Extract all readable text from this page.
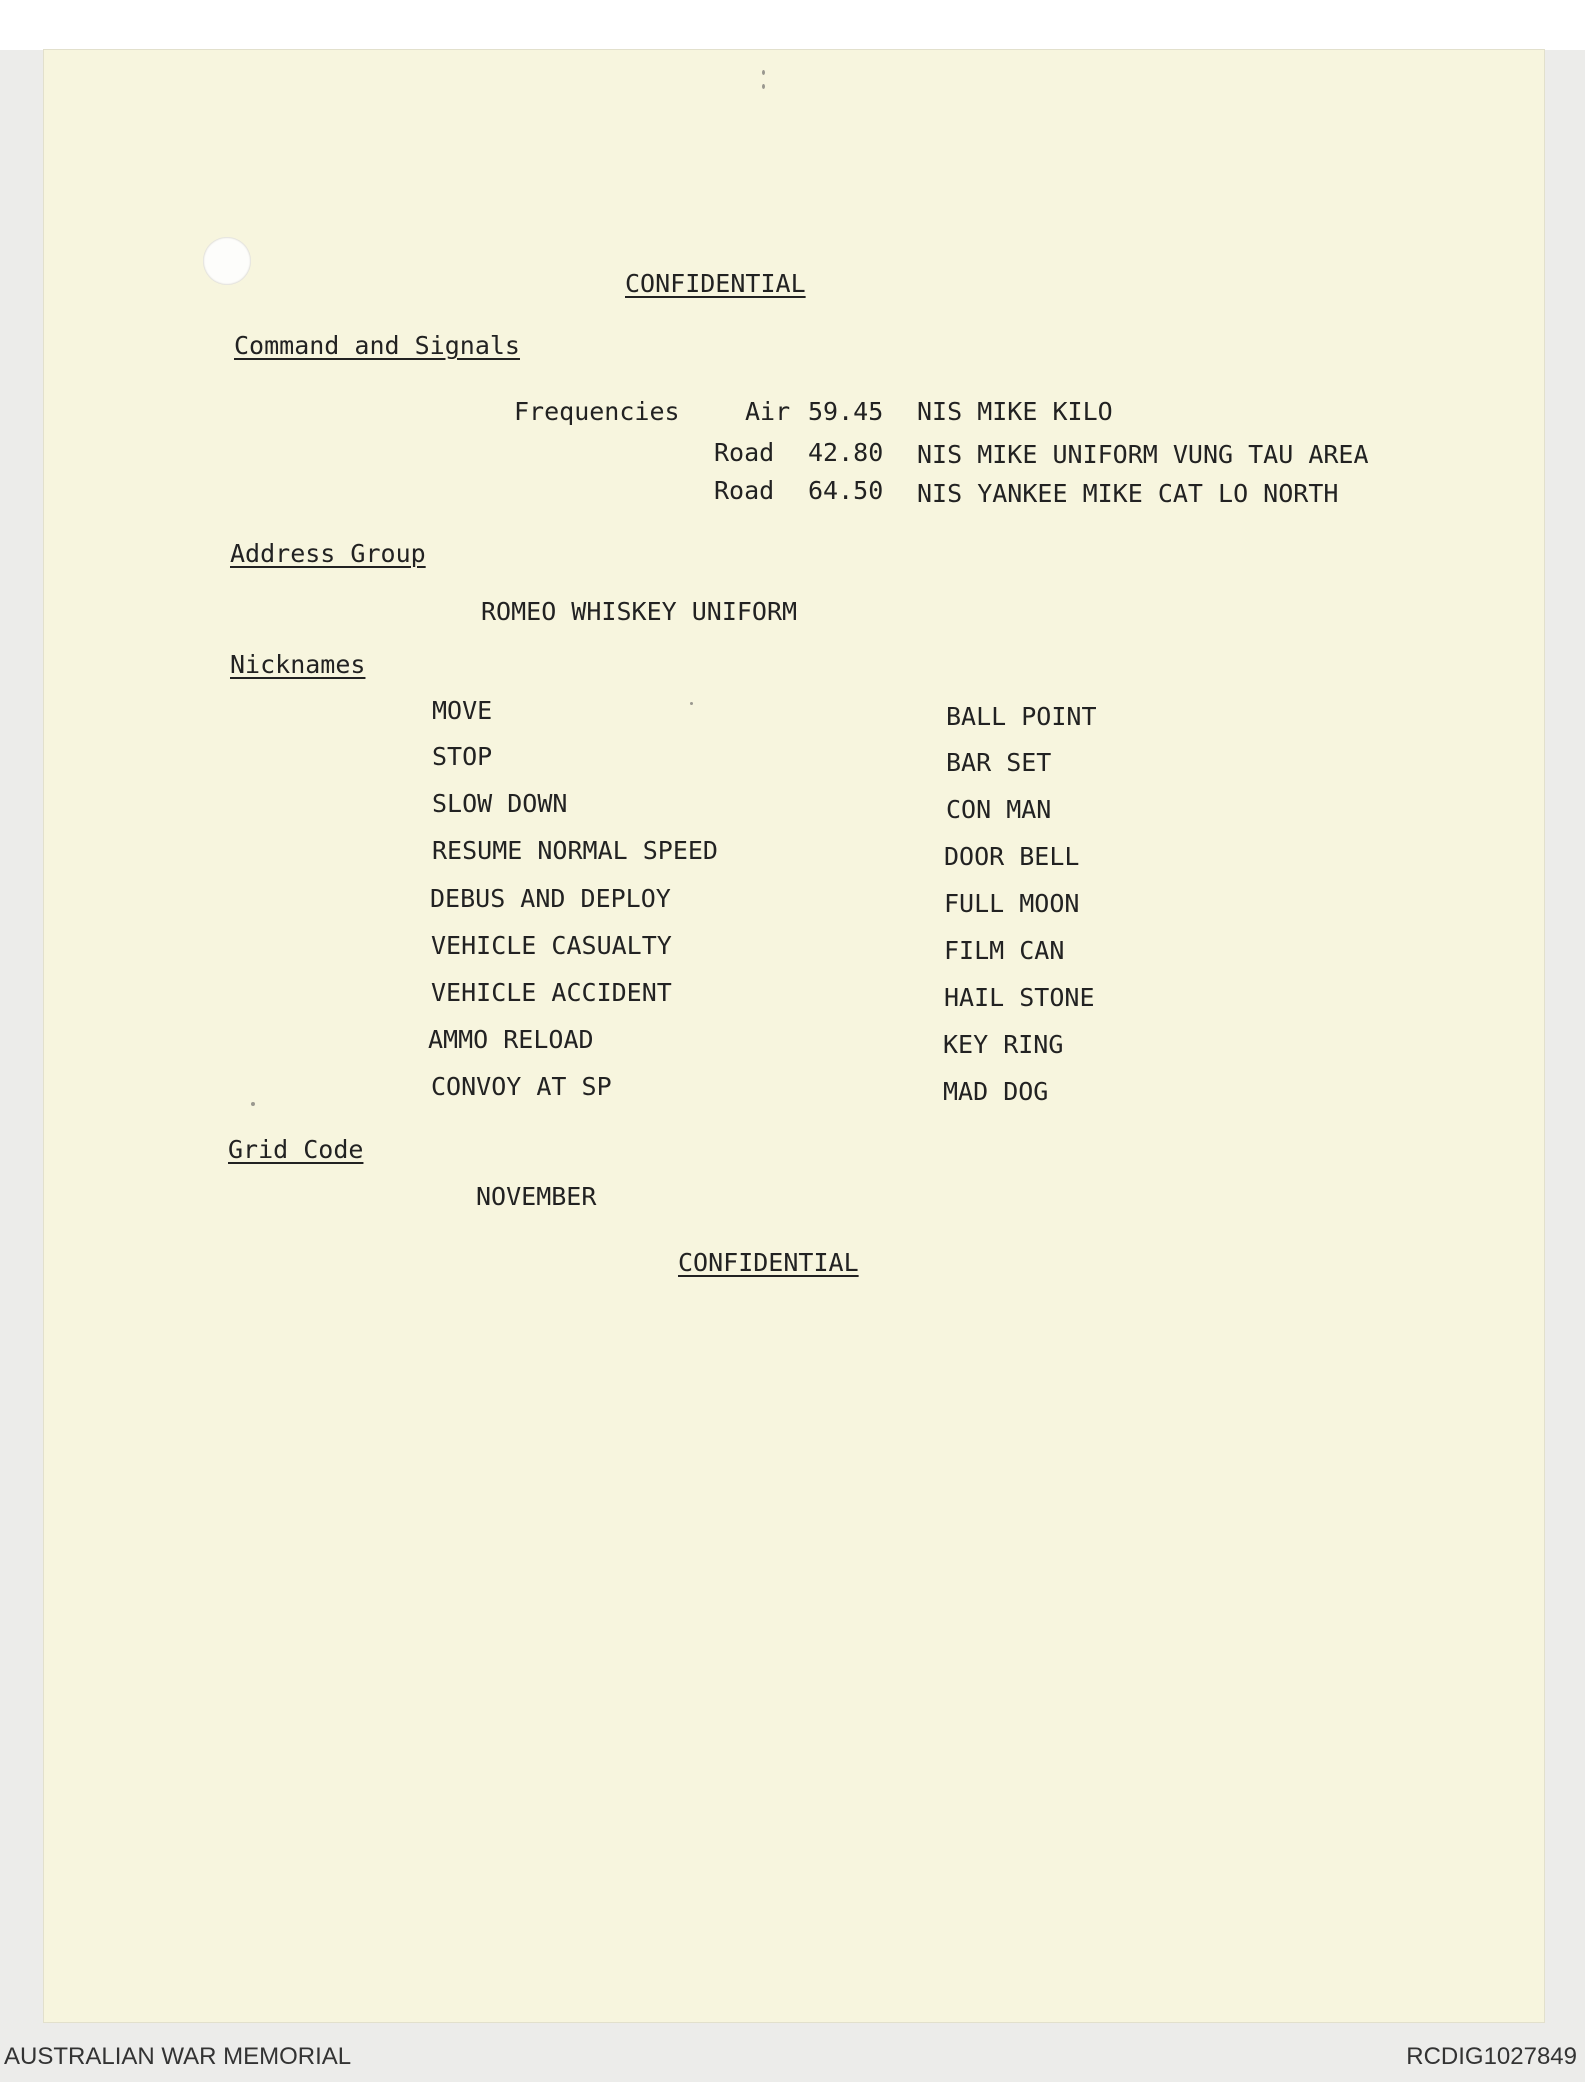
CONFIDENTIAL
Command and Signals
Frequencies	Air 59.45 NIS MIKE KILO
Road 42.80 NIS MIKE UNIFORM VUNG TAU AREA
Road 64.50 NIS YANKEE MIKE CAT LO NORTH
Address Group
ROMEO WHISKEY UNIFORM
Nicknames
MOVE	BALL POINT
STOP	BAR SET
SLOW DOWN	CON MAN
RESUME NORMAL SPEED	DOOR BELL
DEBUS AND DEPLOY	FULL MOON
VEHICLE CASUALTY	FILM CAN
VEHICLE ACCIDENT	HAIL STONE
AMMO RELOAD	KEY RING
CONVOY AT SP	MAD DOG
Grid Code
NOVEMBER
CONFIDENTIAL
AUSTRALIAN WAR MEMORIAL	RCDIG1027849
